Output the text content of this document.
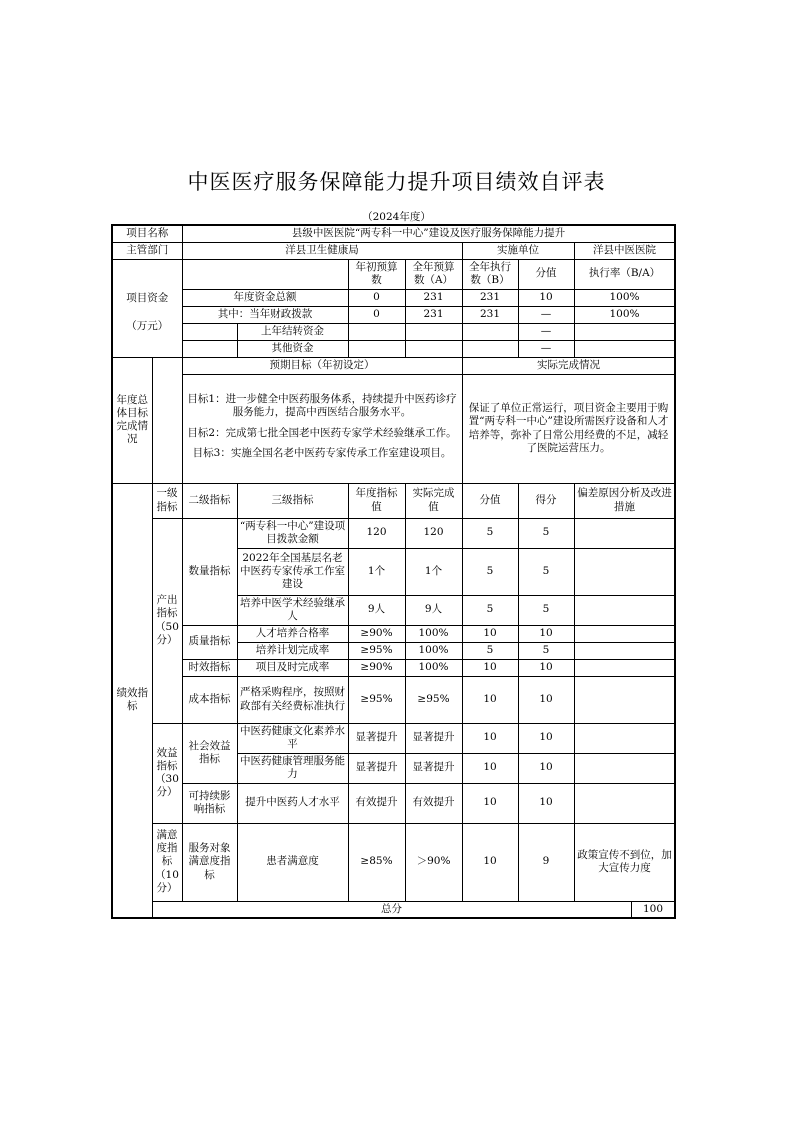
中医医疗服务保障能力提升项目绩效自评表
（2024年度）
项目名称		县级中医医院“两专科一中心”建设及医疗服务保障能力提升								
主管部门		洋县卫生健康局				实施单位		洋县中医医院		

项目资金
（万元）				年初预算数	全年预算数（A）	全年执行数（B）	分值	执行率（B/A）	
		年度资金总额		0	231	231	10	100%	
		其中：当年财政拨款		0	231	231	—	100%	
			上年结转资金				—		
			其他资金				—		
年度总体目标完成情况		预期目标（年初设定）				实际完成情况				

		目标1：进一步健全中医药服务体系，持续提升中医药诊疗服务能力，提高中西医结合服务水平。
目标2：完成第七批全国老中医药专家学术经验继承工作。
目标3：实施全国名老中医药专家传承工作室建设项目。				保证了单位正常运行，项目资金主要用于购置“两专科一中心”建设所需医疗设备和人才培养等，弥补了日常公用经费的不足，减轻了医院运营压力。				
绩效指标	一级指标	二级指标	三级指标	年度指标值	实际完成值	分值	得分	偏差原因分析及改进措施		
	产出指标（50分）	数量指标	“两专科一中心”建设项目拨款金额	120	120	5	5			
			2022年全国基层名老中医药专家传承工作室建设	1个	1个	5	5			
			培养中医学术经验继承人	9人	9人	5	5			
		质量指标	人才培养合格率	≥90%	100%	10	10			
			培养计划完成率	≥95%	100%	5	5			
		时效指标	项目及时完成率	≥90%	100%	10	10			
		成本指标	严格采购程序，按照财政部有关经费标准执行	≥95%	≥95%	10	10			
	效益指标（30分）	社会效益指标	中医药健康文化素养水平	显著提升	显著提升	10	10			
			中医药健康管理服务能力	显著提升	显著提升	10	10			
		可持续影响指标	提升中医药人才水平	有效提升	有效提升	10	10			
	满意度指标（10分）	服务对象满意度指标	患者满意度	≥85%	＞90%	10	9	政策宣传不到位，加大宣传力度		
	总分								100		
